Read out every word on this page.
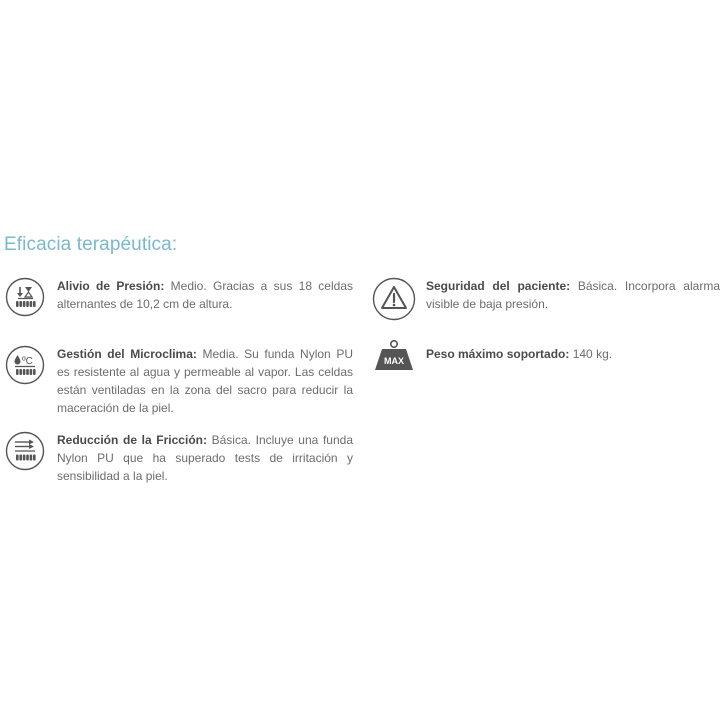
Eficacia terapéutica:
Alivio de Presión: Medio. Gracias a sus 18 celdas alternantes de 10,2 cm de altura.
ºC
Gestión del Microclima: Media. Su funda Nylon PU es resistente al agua y permeable al vapor. Las celdas están ventiladas en la zona del sacro para reducir la maceración de la piel.
Reducción de la Fricción: Básica. Incluye una funda Nylon PU que ha superado tests de irritación y sensibilidad a la piel.
Seguridad del paciente: Básica. Incorpora alarma visible de baja presión.
MAX Peso máximo soportado: 140 kg.
